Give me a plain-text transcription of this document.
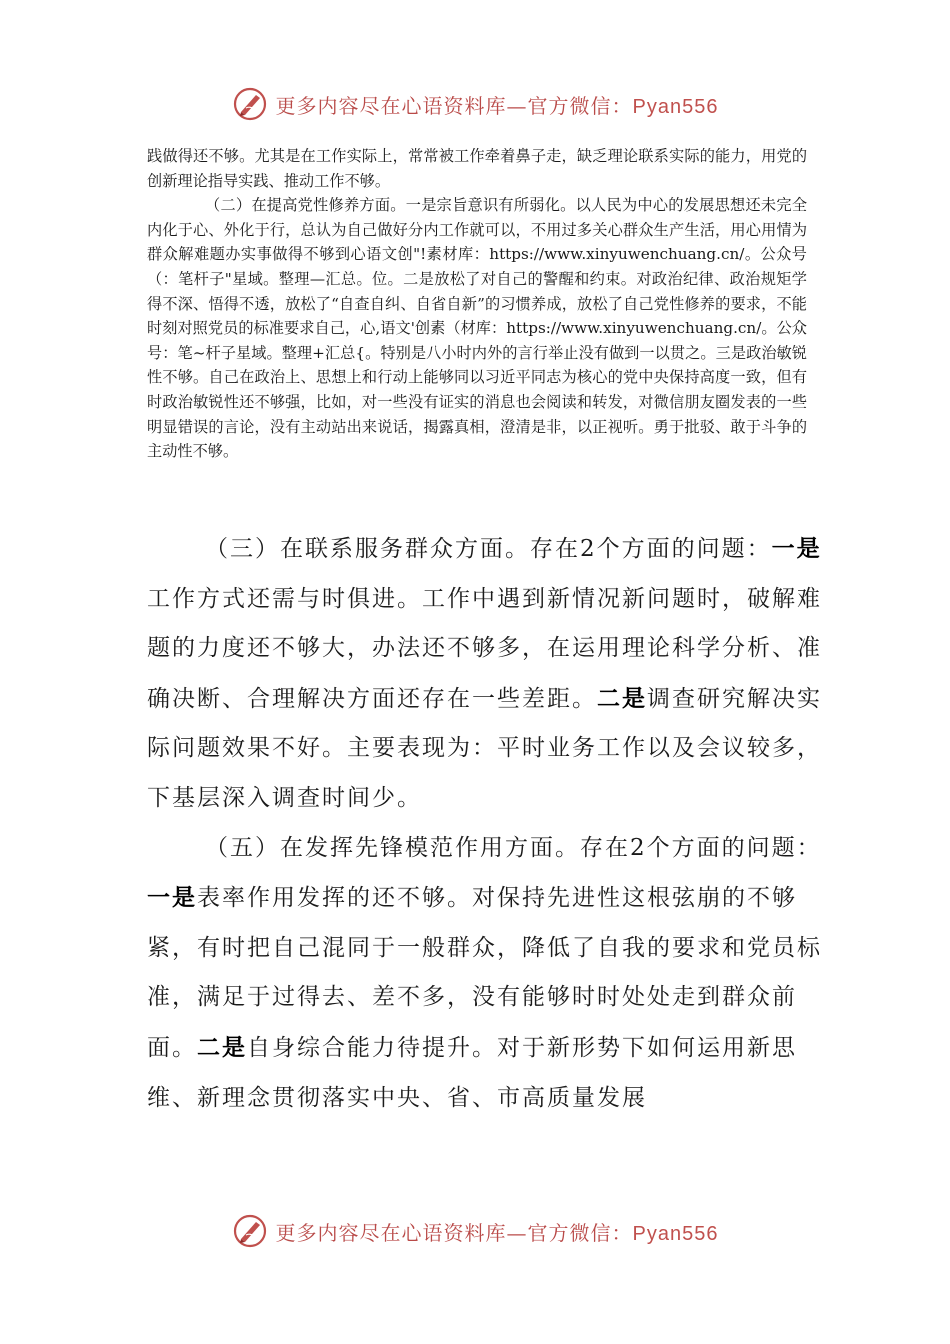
更多内容尽在心语资料库—官方微信：Pyan556

践做得还不够。尤其是在工作实际上，常常被工作牵着鼻子走，缺乏理论联系实际的能力，用党的创新理论指导实践、推动工作不够。

（二）在提高党性修养方面。一是宗旨意识有所弱化。以人民为中心的发展思想还未完全内化于心、外化于行，总认为自己做好分内工作就可以，不用过多关心群众生产生活，用心用情为群众解难题办实事做得不够到心语文创"!素材库：https://www.xinyuwenchuang.cn/。公众号（：笔杆子"星域。整理—汇总。位。二是放松了对自己的警醒和约束。对政治纪律、政治规矩学得不深、悟得不透，放松了“自查自纠、自省自新”的习惯养成，放松了自己党性修养的要求，不能时刻对照党员的标准要求自己，心,语文'创素（材库：https://www.xinyuwenchuang.cn/。公众号：笔~杆子星域。整理+汇总{。特别是八小时内外的言行举止没有做到一以贯之。三是政治敏锐性不够。自己在政治上、思想上和行动上能够同以习近平同志为核心的党中央保持高度一致，但有时政治敏锐性还不够强，比如，对一些没有证实的消息也会阅读和转发，对微信朋友圈发表的一些明显错误的言论，没有主动站出来说话，揭露真相，澄清是非，以正视听。勇于批驳、敢于斗争的主动性不够。

（三）在联系服务群众方面。存在2个方面的问题：一是工作方式还需与时俱进。工作中遇到新情况新问题时，破解难题的力度还不够大，办法还不够多，在运用理论科学分析、准确决断、合理解决方面还存在一些差距。二是调查研究解决实际问题效果不好。主要表现为：平时业务工作以及会议较多，下基层深入调查时间少。

（五）在发挥先锋模范作用方面。存在2个方面的问题：一是表率作用发挥的还不够。对保持先进性这根弦崩的不够紧，有时把自己混同于一般群众，降低了自我的要求和党员标准，满足于过得去、差不多，没有能够时时处处走到群众前面。二是自身综合能力待提升。对于新形势下如何运用新思维、新理念贯彻落实中央、省、市高质量发展

更多内容尽在心语资料库—官方微信：Pyan556
